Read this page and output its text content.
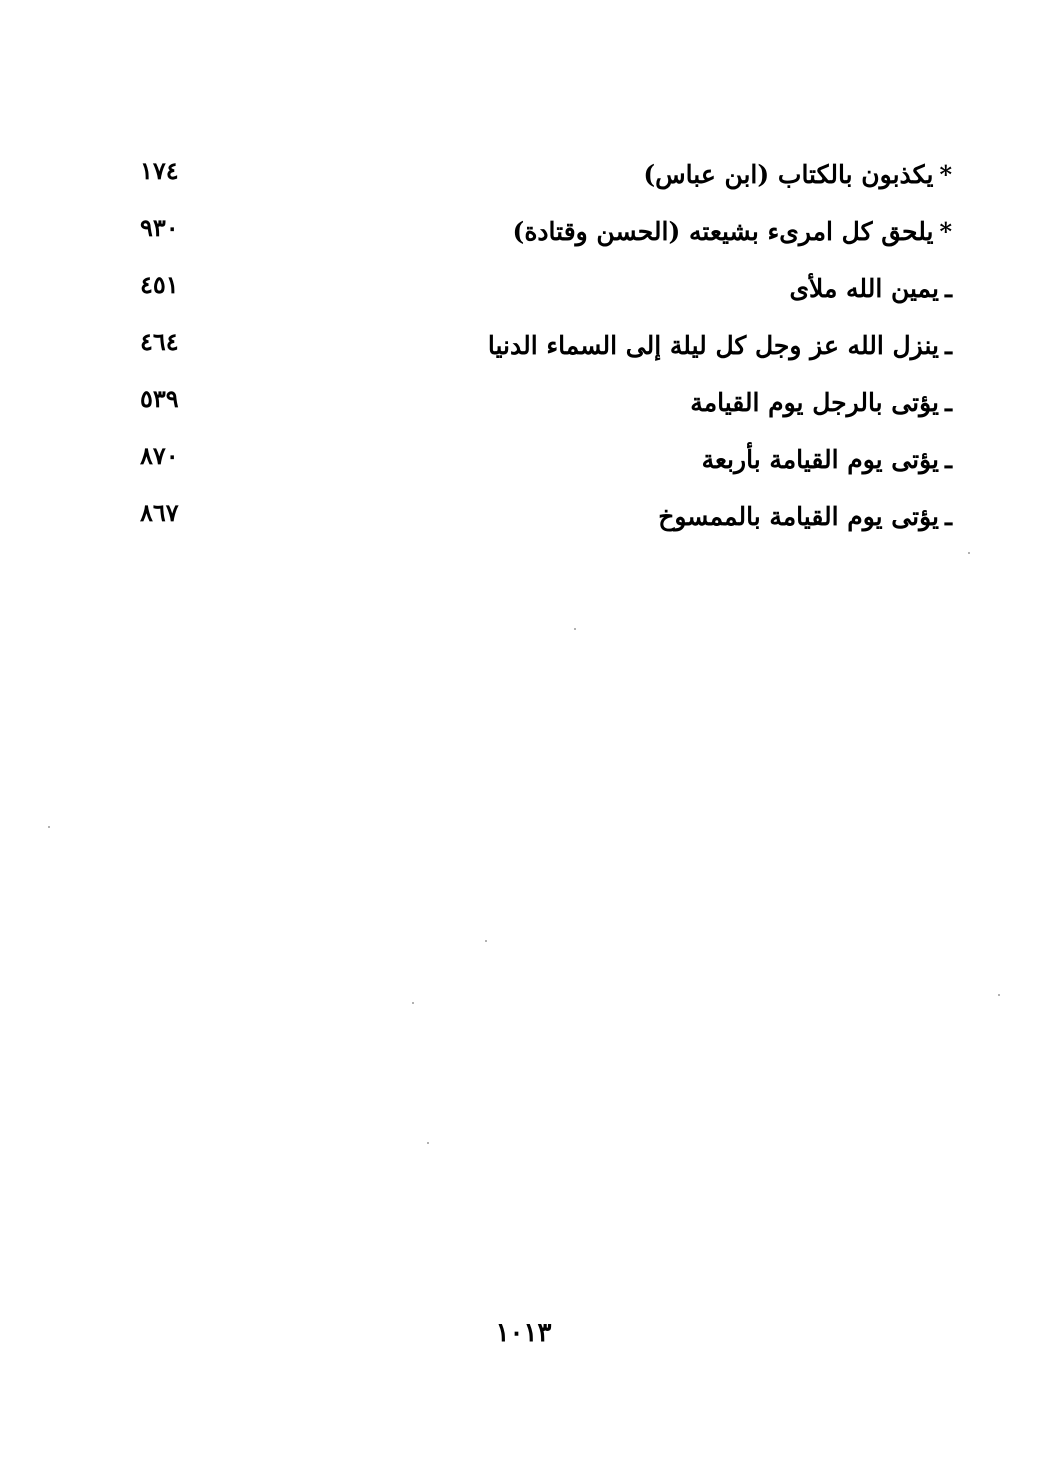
*يكذبون بالكتاب (ابن عباس)
١٧٤
*يلحق كل امرىء بشيعته (الحسن وقتادة)
٩٣٠
ـيمين الله ملأى
٤٥١
ـينزل الله عز وجل كل ليلة إلى السماء الدنيا
٤٦٤
ـيؤتى بالرجل يوم القيامة
٥٣٩
ـيؤتى يوم القيامة بأربعة
٨٧٠
ـيؤتى يوم القيامة بالممسوخ
٨٦٧
١٠١٣
